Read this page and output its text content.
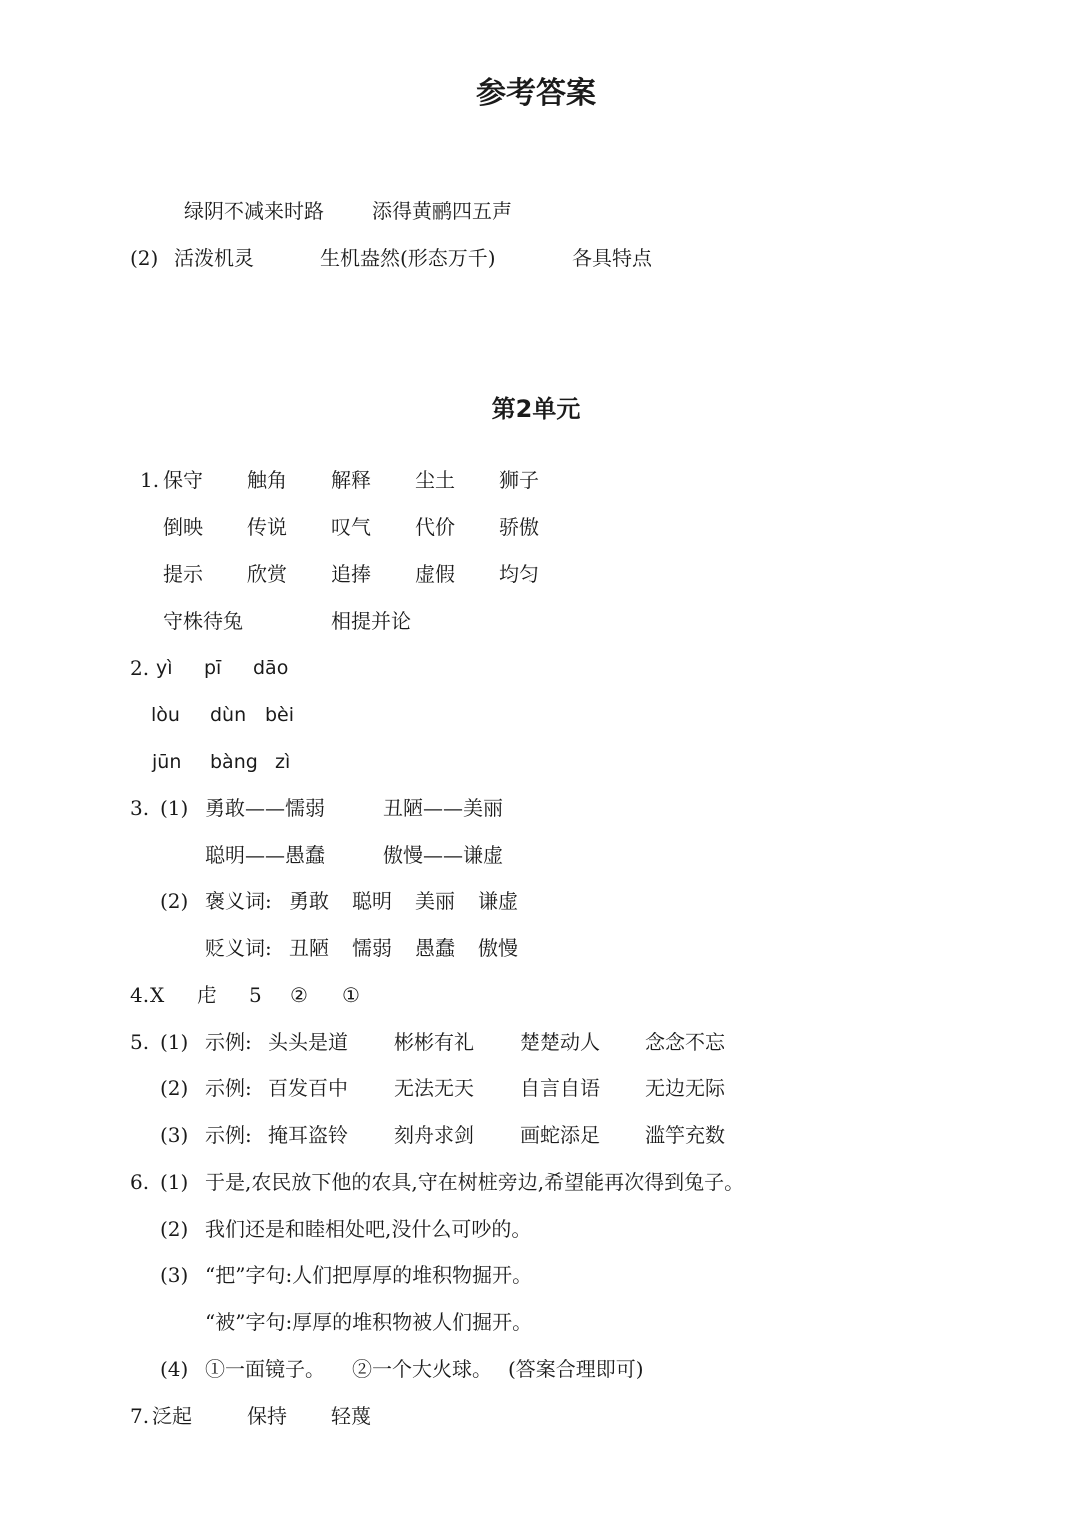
参考答案
绿阴不减来时路 添得黄鹂四五声
(2) 活泼机灵	生机盎然(形态万千)	各具特点
第2单元
1. 保守 触角 解释 尘土 狮子
倒映 传说 叹气 代价 骄傲
提示 欣赏 追捧 虚假 均匀
守株待兔	相提并论
2. yì pī dāo
lòu dùn bèi
jūn bàng zì
3. (1) 勇敢——懦弱	丑陋——美丽
聪明——愚蠢	傲慢——谦虚
(2) 褒义词: 勇敢 聪明 美丽 谦虚
贬义词: 丑陋 懦弱 愚蠢 傲慢
4. X 虍 5 ② ①
5. (1) 示例: 头头是道 彬彬有礼 楚楚动人 念念不忘
(2) 示例: 百发百中 无法无天 自言自语 无边无际
(3) 示例: 掩耳盗铃 刻舟求剑 画蛇添足 滥竽充数
6. (1) 于是,农民放下他的农具,守在树桩旁边,希望能再次得到兔子。
(2) 我们还是和睦相处吧,没什么可吵的。
(3) “把”字句:人们把厚厚的堆积物掘开。
“被”字句:厚厚的堆积物被人们掘开。
(4) ①一面镜子。 ②一个大火球。 (答案合理即可)
7. 泛起	保持 轻蔑
